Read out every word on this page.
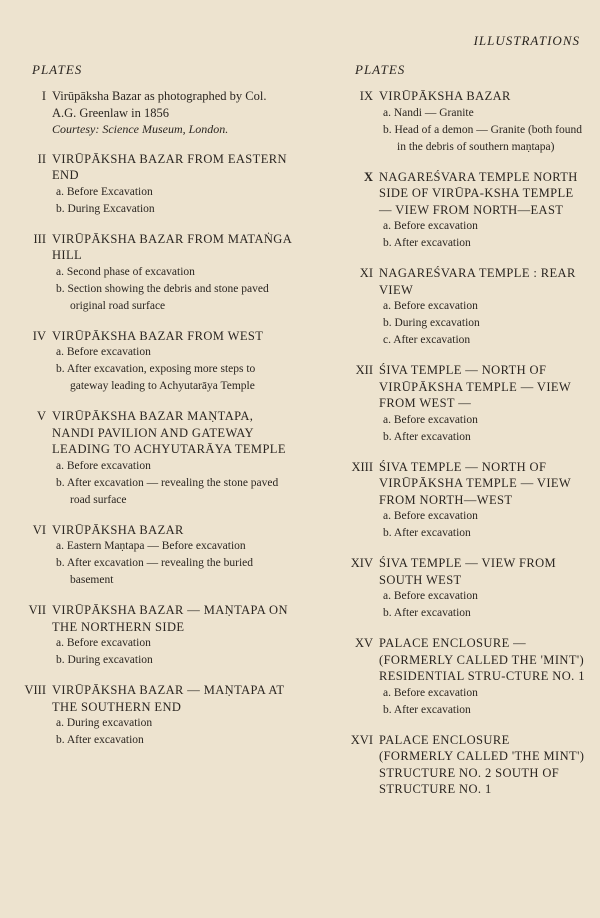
ILLUSTRATIONS
PLATES
I Virūpāksha Bazar as photographed by Col. A.G. Greenlaw in 1856
Courtesy: Science Museum, London.
II VIRŪPĀKSHA BAZAR FROM EASTERN END
a. Before Excavation
b. During Excavation
III VIRŪPĀKSHA BAZAR FROM MATAṄGA HILL
a. Second phase of excavation
b. Section showing the debris and stone paved original road surface
IV VIRŪPĀKSHA BAZAR FROM WEST
a. Before excavation
b. After excavation, exposing more steps to gateway leading to Achyutarāya Temple
V VIRŪPĀKSHA BAZAR MAṆTAPA, NANDI PAVILION AND GATEWAY LEADING TO ACHYUTARĀYA TEMPLE
a. Before excavation
b. After excavation — revealing the stone paved road surface
VI VIRŪPĀKSHA BAZAR
a. Eastern Maṇtapa — Before excavation
b. After excavation — revealing the buried basement
VII VIRŪPĀKSHA BAZAR — MAṆTAPA ON THE NORTHERN SIDE
a. Before excavation
b. During excavation
VIII VIRŪPĀKSHA BAZAR — MAṆTAPA AT THE SOUTHERN END
a. During excavation
b. After excavation
PLATES
IX VIRŪPĀKSHA BAZAR
a. Nandi — Granite
b. Head of a demon — Granite (both found in the debris of southern maṇtapa)
X NAGAREŚVARA TEMPLE NORTH SIDE OF VIRŪPA-KSHA TEMPLE — VIEW FROM NORTH—EAST
a. Before excavation
b. After excavation
XI NAGAREŚVARA TEMPLE : REAR VIEW
a. Before excavation
b. During excavation
c. After excavation
XII ŚIVA TEMPLE — NORTH OF VIRŪPĀKSHA TEMPLE — VIEW FROM WEST —
a. Before excavation
b. After excavation
XIII ŚIVA TEMPLE — NORTH OF VIRŪPĀKSHA TEMPLE — VIEW FROM NORTH—WEST
a. Before excavation
b. After excavation
XIV ŚIVA TEMPLE — VIEW FROM SOUTH WEST
a. Before excavation
b. After excavation
XV PALACE ENCLOSURE — (FORMERLY CALLED THE 'MINT') RESIDENTIAL STRU-CTURE NO. 1
a. Before excavation
b. After excavation
XVI PALACE ENCLOSURE (FORMERLY CALLED 'THE MINT') STRUCTURE NO. 2 SOUTH OF STRUCTURE NO. 1
